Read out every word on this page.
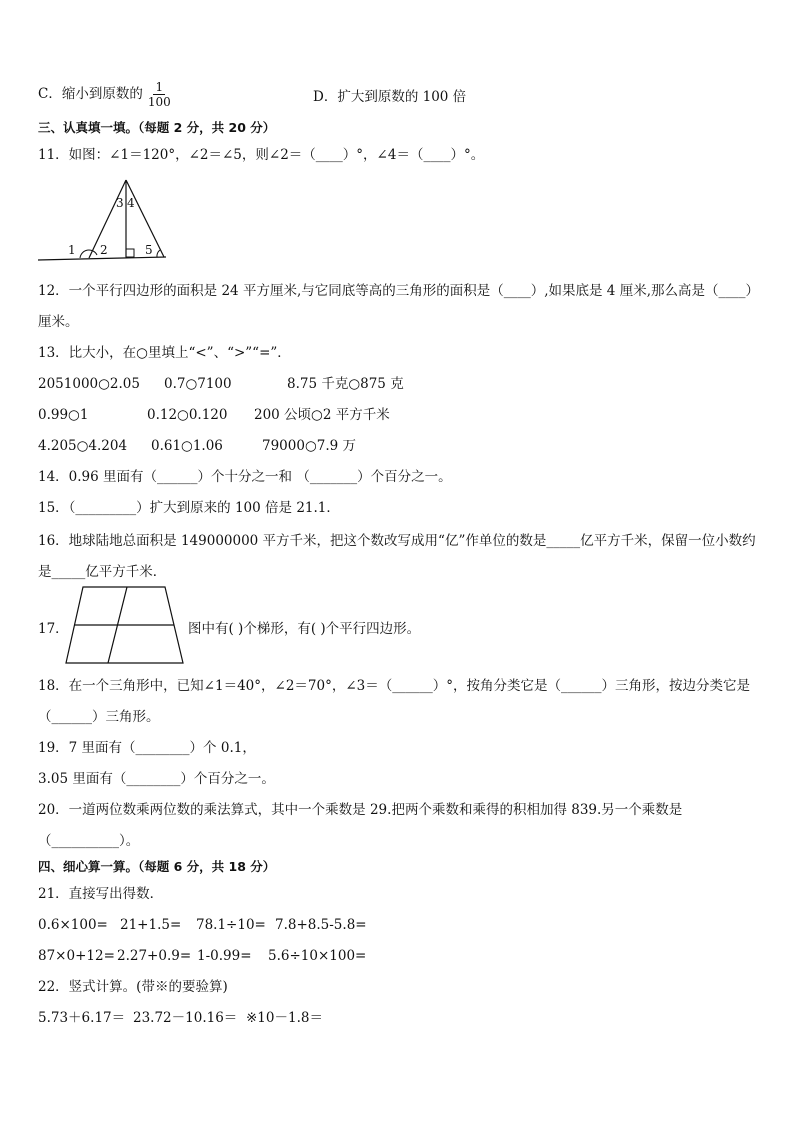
C．缩小到原数的 $\frac{1}{100}$	D．扩大到原数的 100 倍
三、认真填一填。（每题 2 分，共 20 分）
11．如图：∠1＝120°，∠2＝∠5，则∠2＝（____）°，∠4＝（____）°。
1 2
3 4
5
12．一个平行四边形的面积是 24 平方厘米,与它同底等高的三角形的面积是（____）,如果底是 4 厘米,那么高是（____）
厘米。
13．比大小，在○里填上“<”、“>”“=”．
2051000○2.05 0.7○7100	8.75 千克○875 克
0.99○1	0.12○0.120 200 公顷○2 平方千米
4.205○4.204 0.61○1.06	79000○7.9 万
14．0.96 里面有（______）个十分之一和 （_______）个百分之一。
15．（_________）扩大到原来的 100 倍是 21.1．
16．地球陆地总面积是 149000000 平方千米，把这个数改写成用“亿”作单位的数是_____亿平方千米，保留一位小数约
是_____亿平方千米．
17．	图中有( )个梯形，有( )个平行四边形。
18．在一个三角形中，已知∠1＝40°，∠2＝70°，∠3＝（______）°，按角分类它是（______）三角形，按边分类它是
（______）三角形。
19．7 里面有（________）个 0.1，
3.05 里面有（________）个百分之一。
20．一道两位数乘两位数的乘法算式，其中一个乘数是 29.把两个乘数和乘得的积相加得 839.另一个乘数是
（__________）。
四、细心算一算。（每题 6 分，共 18 分）
21．直接写出得数．
0.6×100= 21+1.5= 78.1÷10= 7.8+8.5-5.8=
87×0+12= 2.27+0.9= 1-0.99= 5.6÷10×100=
22．竖式计算。(带※的要验算)
5.73＋6.17＝ 23.72－10.16＝ ※10－1.8＝
